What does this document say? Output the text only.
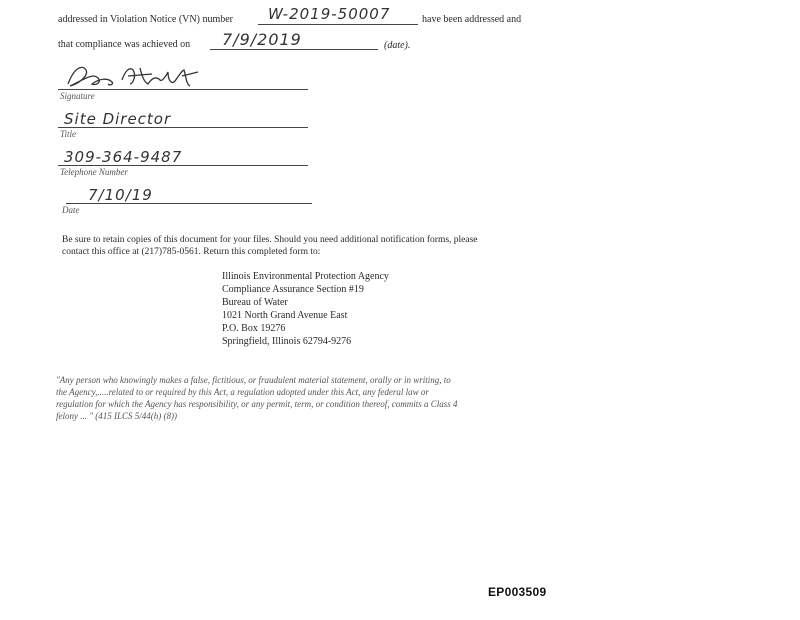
addressed in Violation Notice (VN) number W-2019-50007	have been addressed and
that compliance was achieved on 7/9/2019	(date).
Signature
Site Director
Title
309-364-9487
Telephone Number
7/10/19
Date
Be sure to retain copies of this document for your files. Should you need additional notification forms, please
contact this office at (217)785-0561. Return this completed form to:
Illinois Environmental Protection Agency
Compliance Assurance Section #19
Bureau of Water
1021 North Grand Avenue East
P.O. Box 19276
Springfield, Illinois 62794-9276
"Any person who knowingly makes a false, fictitious, or fraudulent material statement, orally or in writing, to
the Agency,.....related to or required by this Act, a regulation adopted under this Act, any federal law or
regulation for which the Agency has responsibility, or any permit, term, or condition thereof, commits a Class 4
felony ... " (415 ILCS 5/44(h) (8))
EP003509
